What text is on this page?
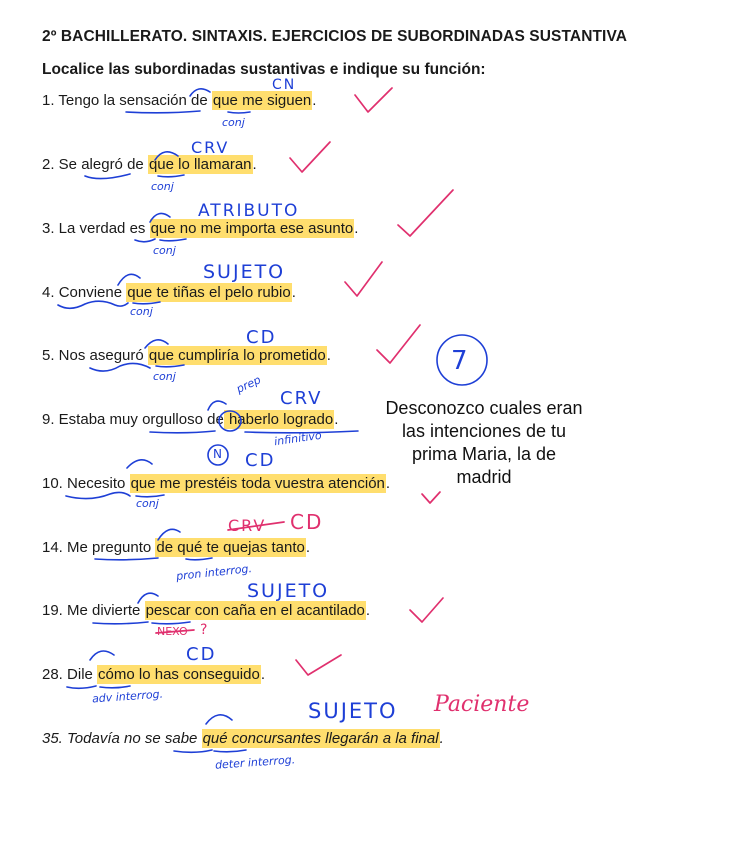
2º BACHILLERATO. SINTAXIS. EJERCICIOS DE SUBORDINADAS SUSTANTIVA
Localice las subordinadas sustantivas e indique su función:
1. Tengo la sensación de que me siguen.
2. Se alegró de que lo llamaran.
3. La verdad es que no me importa ese asunto.
4. Conviene que te tiñas el pelo rubio.
5. Nos aseguró que cumpliría lo prometido.
9. Estaba muy orgulloso de haberlo logrado.
10. Necesito que me prestéis toda vuestra atención.
14. Me pregunto de qué te quejas tanto.
19. Me divierte pescar con caña en el acantilado.
28. Dile cómo lo has conseguido.
35. Todavía no se sabe qué concursantes llegarán a la final.
Desconozco cuales eran las intenciones de tu prima Maria, la de madrid
CN
conj
CRV
conj
ATRIBUTO
conj
SUJETO
conj
CD
conj
7
prep
CRV
infinitivo
N CD
conj
CRV CD
pron interrog.
SUJETO
NEXO ?
CD
adv interrog.
SUJETO Paciente
deter interrog.
